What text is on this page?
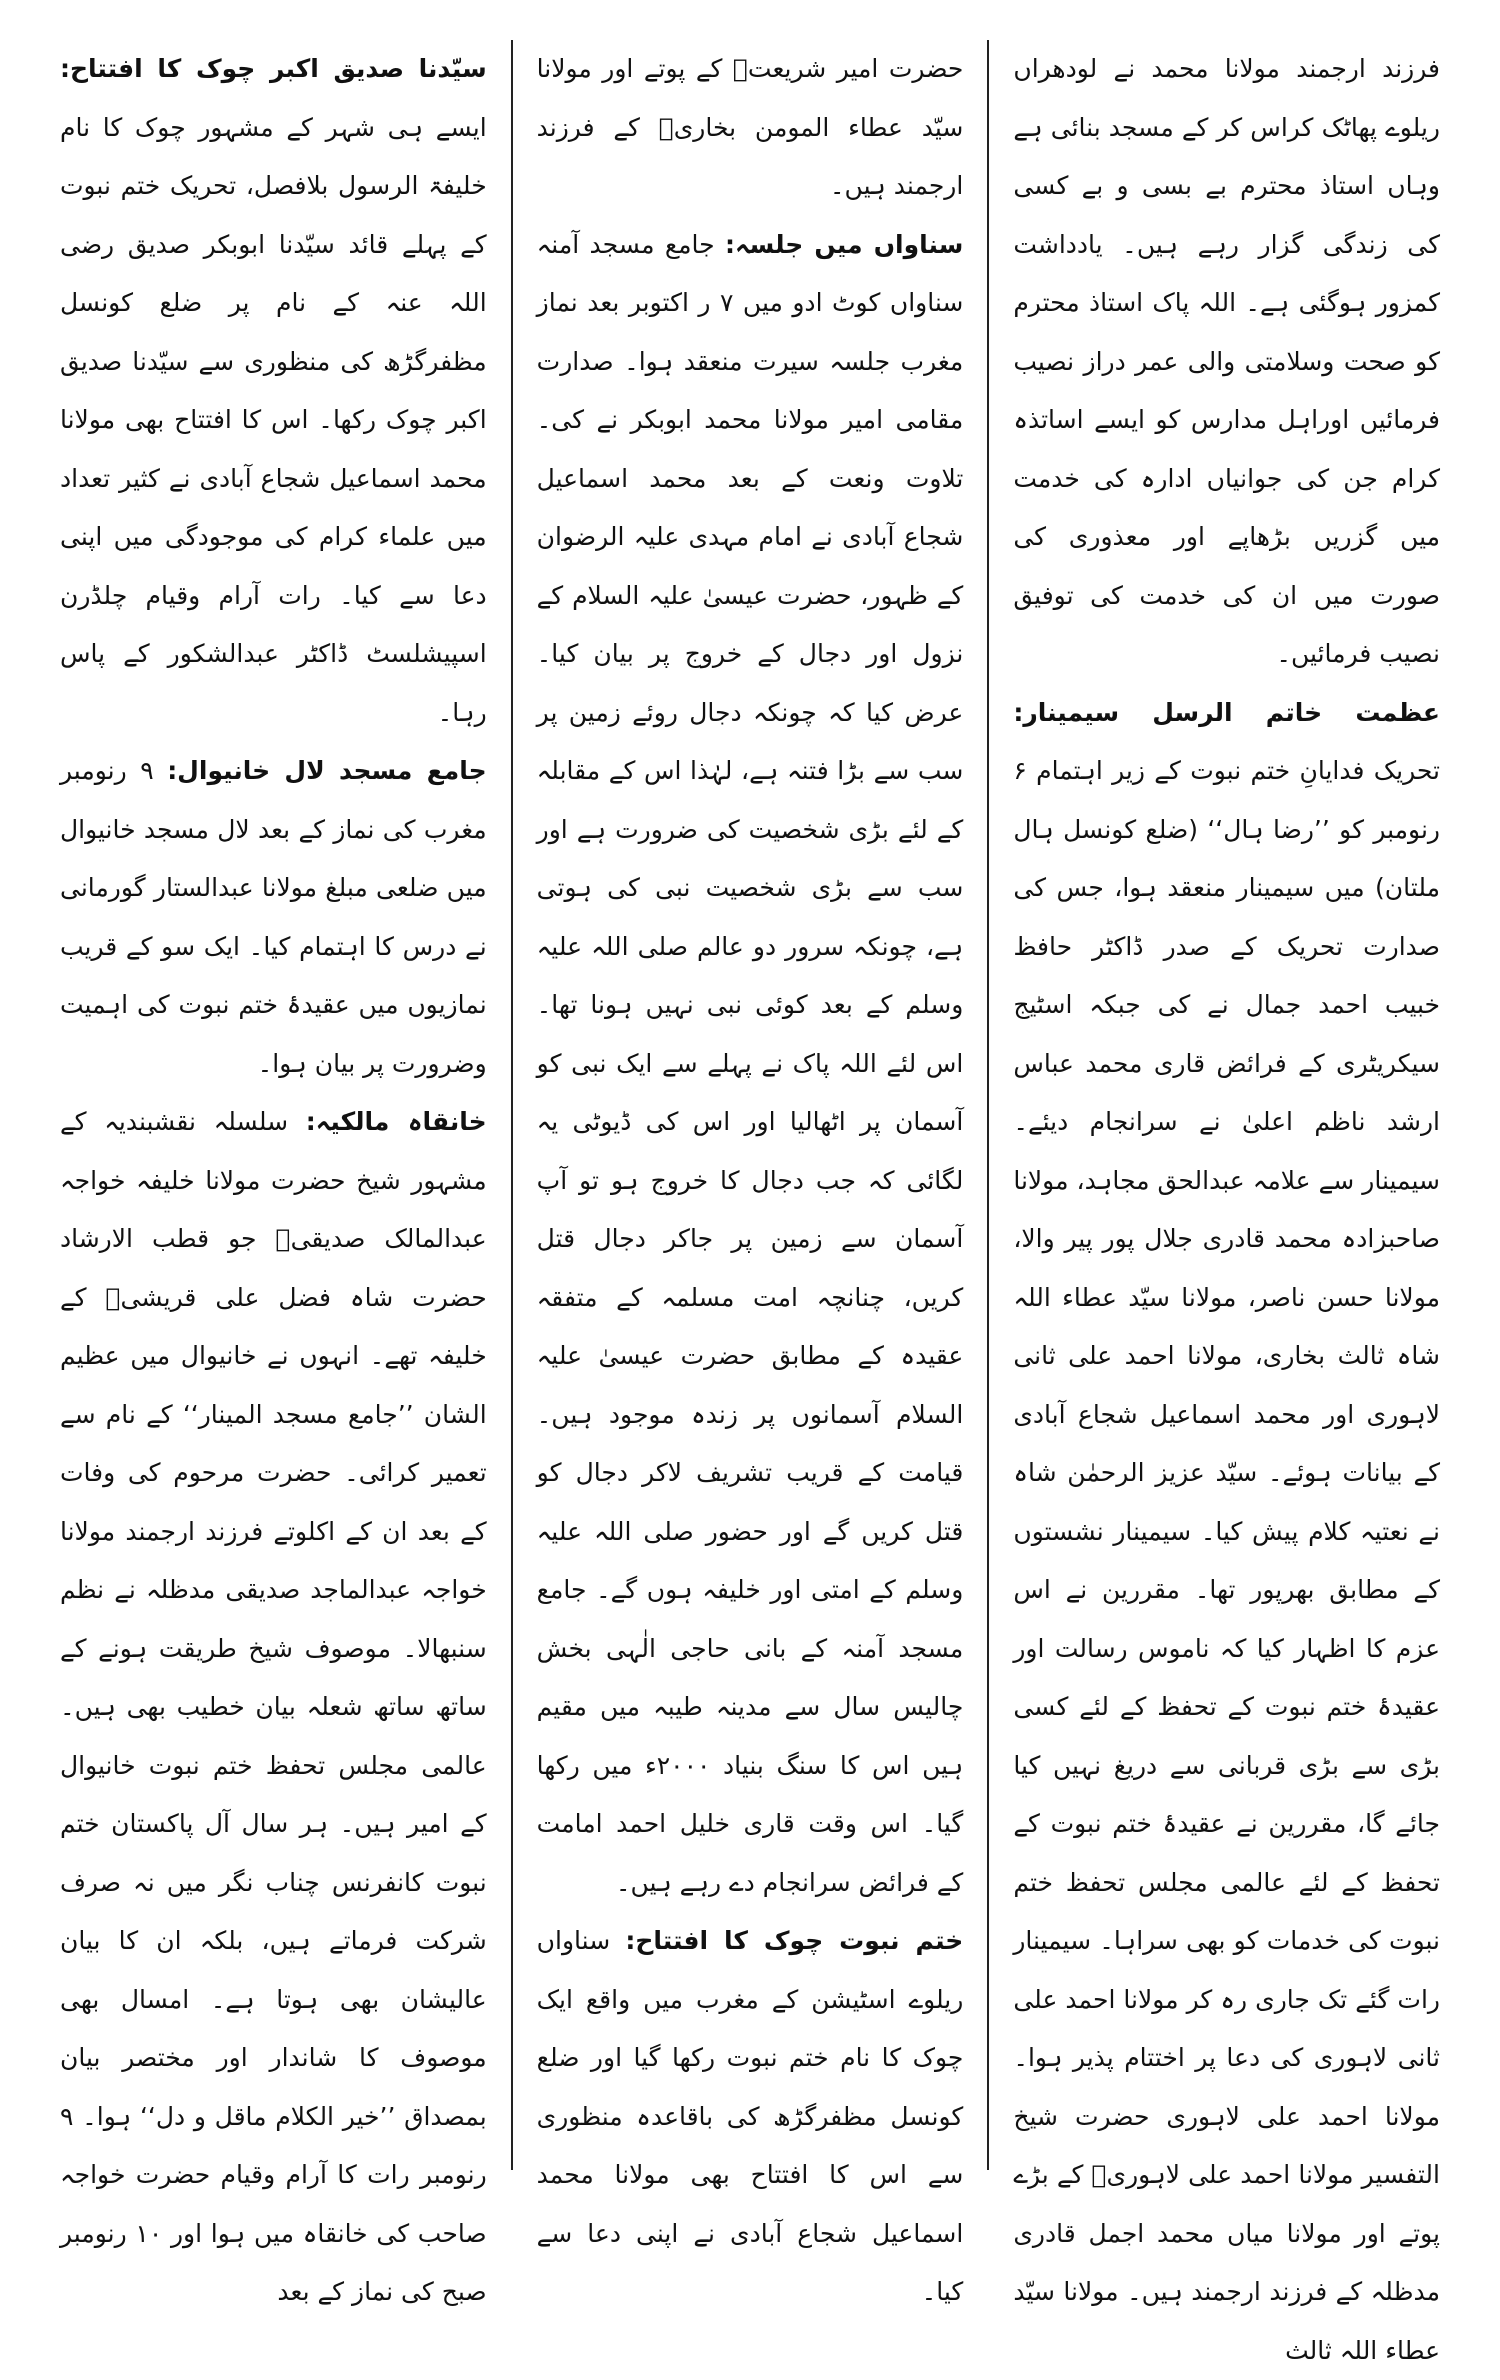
فرزند ارجمند مولانا محمد نے لودھراں ریلوے پھاٹک کراس کر کے مسجد بنائی ہے وہاں استاذ محترم بے بسی و بے کسی کی زندگی گزار رہے ہیں۔ یادداشت کمزور ہوگئی ہے۔ اللہ پاک استاذ محترم کو صحت وسلامتی والی عمر دراز نصیب فرمائیں اوراہل مدارس کو ایسے اساتذہ کرام جن کی جوانیاں ادارہ کی خدمت میں گزریں بڑھاپے اور معذوری کی صورت میں ان کی خدمت کی توفیق نصیب فرمائیں۔

عظمت خاتم الرسل سیمینار: تحریک فدایانِ ختم نبوت کے زیر اہتمام ۶ رنومبر کو ’’رضا ہال‘‘ (ضلع کونسل ہال ملتان) میں سیمینار منعقد ہوا، جس کی صدارت تحریک کے صدر ڈاکٹر حافظ خبیب احمد جمال نے کی جبکہ اسٹیج سیکریٹری کے فرائض قاری محمد عباس ارشد ناظم اعلیٰ نے سرانجام دیئے۔ سیمینار سے علامہ عبدالحق مجاہد، مولانا صاحبزادہ محمد قادری جلال پور پیر والا، مولانا حسن ناصر، مولانا سیّد عطاء اللہ شاہ ثالث بخاری، مولانا احمد علی ثانی لاہوری اور محمد اسماعیل شجاع آبادی کے بیانات ہوئے۔ سیّد عزیز الرحمٰن شاہ نے نعتیہ کلام پیش کیا۔ سیمینار نشستوں کے مطابق بھرپور تھا۔ مقررین نے اس عزم کا اظہار کیا کہ ناموس رسالت اور عقیدۂ ختم نبوت کے تحفظ کے لئے کسی بڑی سے بڑی قربانی سے دریغ نہیں کیا جائے گا، مقررین نے عقیدۂ ختم نبوت کے تحفظ کے لئے عالمی مجلس تحفظ ختم نبوت کی خدمات کو بھی سراہا۔ سیمینار رات گئے تک جاری رہ کر مولانا احمد علی ثانی لاہوری کی دعا پر اختتام پذیر ہوا۔ مولانا احمد علی لاہوری حضرت شیخ التفسیر مولانا احمد علی لاہوریؒ کے بڑے پوتے اور مولانا میاں محمد اجمل قادری مدظلہ کے فرزند ارجمند ہیں۔ مولانا سیّد عطاء اللہ ثالث

حضرت امیر شریعتؒ کے پوتے اور مولانا سیّد عطاء المومن بخاریؒ کے فرزند ارجمند ہیں۔

سناواں میں جلسہ: جامع مسجد آمنہ سناواں کوٹ ادو میں ۷ ر اکتوبر بعد نماز مغرب جلسہ سیرت منعقد ہوا۔ صدارت مقامی امیر مولانا محمد ابوبکر نے کی۔ تلاوت ونعت کے بعد محمد اسماعیل شجاع آبادی نے امام مہدی علیہ الرضوان کے ظہور، حضرت عیسیٰ علیہ السلام کے نزول اور دجال کے خروج پر بیان کیا۔ عرض کیا کہ چونکہ دجال روئے زمین پر سب سے بڑا فتنہ ہے، لہٰذا اس کے مقابلہ کے لئے بڑی شخصیت کی ضرورت ہے اور سب سے بڑی شخصیت نبی کی ہوتی ہے، چونکہ سرور دو عالم صلی اللہ علیہ وسلم کے بعد کوئی نبی نہیں ہونا تھا۔ اس لئے اللہ پاک نے پہلے سے ایک نبی کو آسمان پر اٹھالیا اور اس کی ڈیوٹی یہ لگائی کہ جب دجال کا خروج ہو تو آپ آسمان سے زمین پر جاکر دجال قتل کریں، چنانچہ امت مسلمہ کے متفقہ عقیدہ کے مطابق حضرت عیسیٰ علیہ السلام آسمانوں پر زندہ موجود ہیں۔ قیامت کے قریب تشریف لاکر دجال کو قتل کریں گے اور حضور صلی اللہ علیہ وسلم کے امتی اور خلیفہ ہوں گے۔ جامع مسجد آمنہ کے بانی حاجی الٰہی بخش چالیس سال سے مدینہ طیبہ میں مقیم ہیں اس کا سنگ بنیاد ۲۰۰۰ء میں رکھا گیا۔ اس وقت قاری خلیل احمد امامت کے فرائض سرانجام دے رہے ہیں۔

ختم نبوت چوک کا افتتاح: سناواں ریلوے اسٹیشن کے مغرب میں واقع ایک چوک کا نام ختم نبوت رکھا گیا اور ضلع کونسل مظفرگڑھ کی باقاعدہ منظوری سے اس کا افتتاح بھی مولانا محمد اسماعیل شجاع آبادی نے اپنی دعا سے کیا۔

سیّدنا صدیق اکبر چوک کا افتتاح: ایسے ہی شہر کے مشہور چوک کا نام خلیفۃ الرسول بلافصل، تحریک ختم نبوت کے پہلے قائد سیّدنا ابوبکر صدیق رضی اللہ عنہ کے نام پر ضلع کونسل مظفرگڑھ کی منظوری سے سیّدنا صدیق اکبر چوک رکھا۔ اس کا افتتاح بھی مولانا محمد اسماعیل شجاع آبادی نے کثیر تعداد میں علماء کرام کی موجودگی میں اپنی دعا سے کیا۔ رات آرام وقیام چلڈرن اسپیشلسٹ ڈاکٹر عبدالشکور کے پاس رہا۔

جامع مسجد لال خانیوال: ۹ رنومبر مغرب کی نماز کے بعد لال مسجد خانیوال میں ضلعی مبلغ مولانا عبدالستار گورمانی نے درس کا اہتمام کیا۔ ایک سو کے قریب نمازیوں میں عقیدۂ ختم نبوت کی اہمیت وضرورت پر بیان ہوا۔

خانقاہ مالکیہ: سلسلہ نقشبندیہ کے مشہور شیخ حضرت مولانا خلیفہ خواجہ عبدالمالک صدیقیؒ جو قطب الارشاد حضرت شاہ فضل علی قریشیؒ کے خلیفہ تھے۔ انہوں نے خانیوال میں عظیم الشان ’’جامع مسجد المینار‘‘ کے نام سے تعمیر کرائی۔ حضرت مرحوم کی وفات کے بعد ان کے اکلوتے فرزند ارجمند مولانا خواجہ عبدالماجد صدیقی مدظلہ نے نظم سنبھالا۔ موصوف شیخ طریقت ہونے کے ساتھ ساتھ شعلہ بیان خطیب بھی ہیں۔ عالمی مجلس تحفظ ختم نبوت خانیوال کے امیر ہیں۔ ہر سال آل پاکستان ختم نبوت کانفرنس چناب نگر میں نہ صرف شرکت فرماتے ہیں، بلکہ ان کا بیان عالیشان بھی ہوتا ہے۔ امسال بھی موصوف کا شاندار اور مختصر بیان بمصداق ’’خیر الکلام ماقل و دل‘‘ ہوا۔ ۹ رنومبر رات کا آرام وقیام حضرت خواجہ صاحب کی خانقاہ میں ہوا اور ۱۰ رنومبر صبح کی نماز کے بعد
